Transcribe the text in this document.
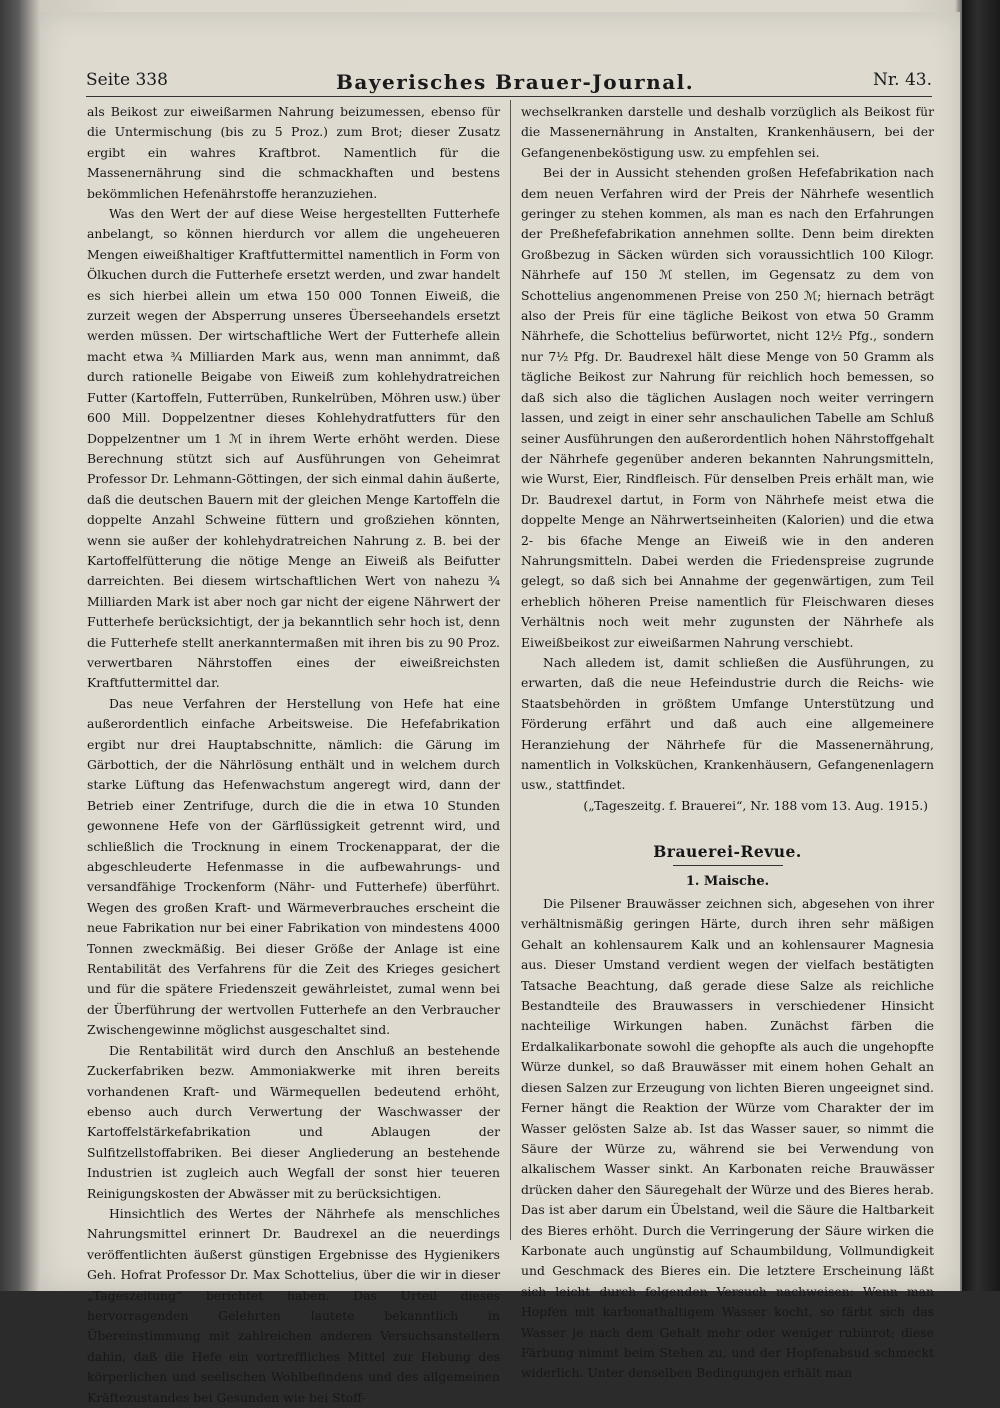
Seite 338	Bayerisches Brauer-Journal.	Nr. 43.

als Beikost zur eiweißarmen Nahrung beizumessen, ebenso für die Untermischung (bis zu 5 Proz.) zum Brot; dieser Zusatz ergibt ein wahres Kraftbrot. Namentlich für die Massenernährung sind die schmackhaften und bestens bekömmlichen Hefenährstoffe heranzuziehen.

Was den Wert der auf diese Weise hergestellten Futterhefe anbelangt, so können hierdurch vor allem die ungeheueren Mengen eiweißhaltiger Kraftfuttermittel namentlich in Form von Ölkuchen durch die Futterhefe ersetzt werden, und zwar handelt es sich hierbei allein um etwa 150 000 Tonnen Eiweiß, die zurzeit wegen der Absperrung unseres Überseehandels ersetzt werden müssen. Der wirtschaftliche Wert der Futterhefe allein macht etwa ¾ Milliarden Mark aus, wenn man annimmt, daß durch rationelle Beigabe von Eiweiß zum kohlehydratreichen Futter (Kartoffeln, Futterrüben, Runkelrüben, Möhren usw.) über 600 Mill. Doppelzentner dieses Kohlehydratfutters für den Doppelzentner um 1 ℳ in ihrem Werte erhöht werden. Diese Berechnung stützt sich auf Ausführungen von Geheimrat Professor Dr. Lehmann-Göttingen, der sich einmal dahin äußerte, daß die deutschen Bauern mit der gleichen Menge Kartoffeln die doppelte Anzahl Schweine füttern und großziehen könnten, wenn sie außer der kohlehydratreichen Nahrung z. B. bei der Kartoffelfütterung die nötige Menge an Eiweiß als Beifutter darreichten. Bei diesem wirtschaftlichen Wert von nahezu ¾ Milliarden Mark ist aber noch gar nicht der eigene Nährwert der Futterhefe berücksichtigt, der ja bekanntlich sehr hoch ist, denn die Futterhefe stellt anerkanntermaßen mit ihren bis zu 90 Proz. verwertbaren Nährstoffen eines der eiweißreichsten Kraftfuttermittel dar.

Das neue Verfahren der Herstellung von Hefe hat eine außerordentlich einfache Arbeitsweise. Die Hefefabrikation ergibt nur drei Hauptabschnitte, nämlich: die Gärung im Gärbottich, der die Nährlösung enthält und in welchem durch starke Lüftung das Hefenwachstum angeregt wird, dann der Betrieb einer Zentrifuge, durch die die in etwa 10 Stunden gewonnene Hefe von der Gärflüssigkeit getrennt wird, und schließlich die Trocknung in einem Trockenapparat, der die abgeschleuderte Hefenmasse in die aufbewahrungs- und versandfähige Trockenform (Nähr- und Futterhefe) überführt. Wegen des großen Kraft- und Wärmeverbrauches erscheint die neue Fabrikation nur bei einer Fabrikation von mindestens 4000 Tonnen zweckmäßig. Bei dieser Größe der Anlage ist eine Rentabilität des Verfahrens für die Zeit des Krieges gesichert und für die spätere Friedenszeit gewährleistet, zumal wenn bei der Überführung der wertvollen Futterhefe an den Verbraucher Zwischengewinne möglichst ausgeschaltet sind.

Die Rentabilität wird durch den Anschluß an bestehende Zuckerfabriken bezw. Ammoniakwerke mit ihren bereits vorhandenen Kraft- und Wärmequellen bedeutend erhöht, ebenso auch durch Verwertung der Waschwasser der Kartoffelstärkefabrikation und Ablaugen der Sulfitzellstoffabriken. Bei dieser Angliederung an bestehende Industrien ist zugleich auch Wegfall der sonst hier teueren Reinigungskosten der Abwässer mit zu berücksichtigen.

Hinsichtlich des Wertes der Nährhefe als menschliches Nahrungsmittel erinnert Dr. Baudrexel an die neuerdings veröffentlichten äußerst günstigen Ergebnisse des Hygienikers Geh. Hofrat Professor Dr. Max Schottelius, über die wir in dieser „Tageszeitung“ berichtet haben. Das Urteil dieses hervorragenden Gelehrten lautete bekanntlich in Übereinstimmung mit zahlreichen anderen Versuchsanstellern dahin, daß die Hefe ein vortreffliches Mittel zur Hebung des körperlichen und seelischen Wohlbefindens und des allgemeinen Kräftezustandes bei Gesunden wie bei Stoff-

wechselkranken darstelle und deshalb vorzüglich als Beikost für die Massenernährung in Anstalten, Krankenhäusern, bei der Gefangenenbeköstigung usw. zu empfehlen sei.

Bei der in Aussicht stehenden großen Hefefabrikation nach dem neuen Verfahren wird der Preis der Nährhefe wesentlich geringer zu stehen kommen, als man es nach den Erfahrungen der Preßhefefabrikation annehmen sollte. Denn beim direkten Großbezug in Säcken würden sich voraussichtlich 100 Kilogr. Nährhefe auf 150 ℳ stellen, im Gegensatz zu dem von Schottelius angenommenen Preise von 250 ℳ; hiernach beträgt also der Preis für eine tägliche Beikost von etwa 50 Gramm Nährhefe, die Schottelius befürwortet, nicht 12½ Pfg., sondern nur 7½ Pfg. Dr. Baudrexel hält diese Menge von 50 Gramm als tägliche Beikost zur Nahrung für reichlich hoch bemessen, so daß sich also die täglichen Auslagen noch weiter verringern lassen, und zeigt in einer sehr anschaulichen Tabelle am Schluß seiner Ausführungen den außerordentlich hohen Nährstoffgehalt der Nährhefe gegenüber anderen bekannten Nahrungsmitteln, wie Wurst, Eier, Rindfleisch. Für denselben Preis erhält man, wie Dr. Baudrexel dartut, in Form von Nährhefe meist etwa die doppelte Menge an Nährwertseinheiten (Kalorien) und die etwa 2- bis 6fache Menge an Eiweiß wie in den anderen Nahrungsmitteln. Dabei werden die Friedenspreise zugrunde gelegt, so daß sich bei Annahme der gegenwärtigen, zum Teil erheblich höheren Preise namentlich für Fleischwaren dieses Verhältnis noch weit mehr zugunsten der Nährhefe als Eiweißbeikost zur eiweißarmen Nahrung verschiebt.

Nach alledem ist, damit schließen die Ausführungen, zu erwarten, daß die neue Hefeindustrie durch die Reichs- wie Staatsbehörden in größtem Umfange Unterstützung und Förderung erfährt und daß auch eine allgemeinere Heranziehung der Nährhefe für die Massenernährung, namentlich in Volksküchen, Krankenhäusern, Gefangenenlagern usw., stattfindet.

(„Tageszeitg. f. Brauerei“, Nr. 188 vom 13. Aug. 1915.)

Brauerei-Revue.
1. Maische.

Die Pilsener Brauwässer zeichnen sich, abgesehen von ihrer verhältnismäßig geringen Härte, durch ihren sehr mäßigen Gehalt an kohlensaurem Kalk und an kohlensaurer Magnesia aus. Dieser Umstand verdient wegen der vielfach bestätigten Tatsache Beachtung, daß gerade diese Salze als reichliche Bestandteile des Brauwassers in verschiedener Hinsicht nachteilige Wirkungen haben. Zunächst färben die Erdalkalikarbonate sowohl die gehopfte als auch die ungehopfte Würze dunkel, so daß Brauwässer mit einem hohen Gehalt an diesen Salzen zur Erzeugung von lichten Bieren ungeeignet sind. Ferner hängt die Reaktion der Würze vom Charakter der im Wasser gelösten Salze ab. Ist das Wasser sauer, so nimmt die Säure der Würze zu, während sie bei Verwendung von alkalischem Wasser sinkt. An Karbonaten reiche Brauwässer drücken daher den Säuregehalt der Würze und des Bieres herab. Das ist aber darum ein Übelstand, weil die Säure die Haltbarkeit des Bieres erhöht. Durch die Verringerung der Säure wirken die Karbonate auch ungünstig auf Schaumbildung, Vollmundigkeit und Geschmack des Bieres ein. Die letztere Erscheinung läßt sich leicht durch folgenden Versuch nachweisen: Wenn man Hopfen mit karbonathaltigem Wasser kocht, so färbt sich das Wasser je nach dem Gehalt mehr oder weniger rubinrot; diese Färbung nimmt beim Stehen zu, und der Hopfenabsud schmeckt widerlich. Unter denselben Bedingungen erhält man
